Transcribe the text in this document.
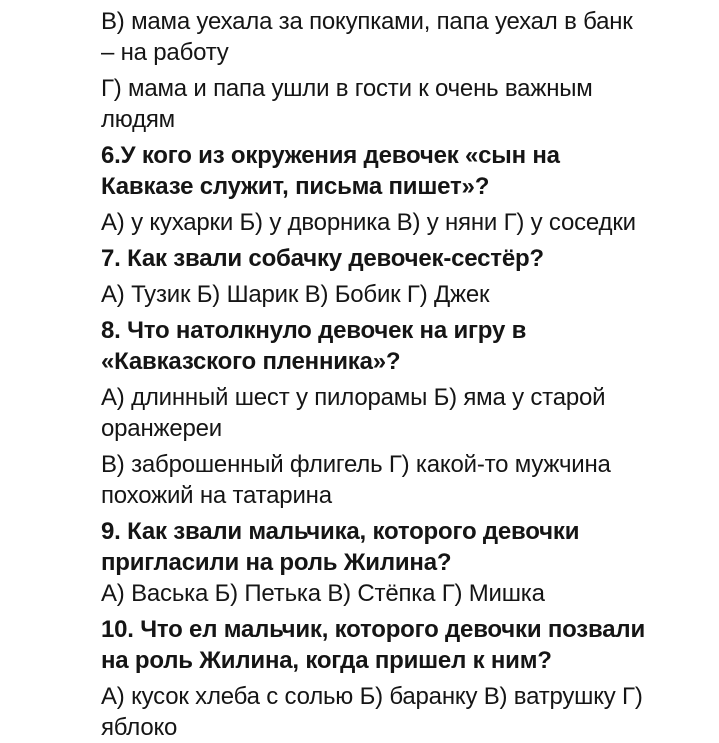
В) мама уехала за покупками, папа уехал в банк
– на работу

Г) мама и папа ушли в гости к очень важным
людям

6.У кого из окружения девочек «сын на
Кавказе служит, письма пишет»?

А) у кухарки Б) у дворника В) у няни Г) у соседки

7. Как звали собачку девочек-сестёр?

А) Тузик Б) Шарик В) Бобик Г) Джек

8. Что натолкнуло девочек на игру в
«Кавказского пленника»?

А) длинный шест у пилорамы Б) яма у старой
оранжереи

В) заброшенный флигель Г) какой-то мужчина
похожий на татарина

9. Как звали мальчика, которого девочки
пригласили на роль Жилина?

А) Васька Б) Петька В) Стёпка Г) Мишка

10. Что ел мальчик, которого девочки позвали
на роль Жилина, когда пришел к ним?

А) кусок хлеба с солью Б) баранку В) ватрушку Г)
яблоко
